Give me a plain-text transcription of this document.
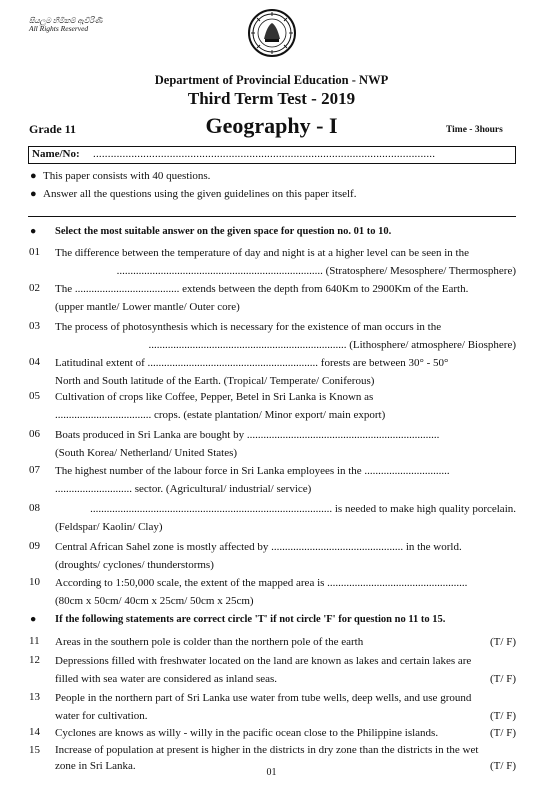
සියලුම හිමිකම් ඇවිරිණි
All Rights Reserved
Department of Provincial Education - NWP
Third Term Test - 2019
Grade 11	Geography - I	Time - 3hours
Name/No: ....................................................................................................................
● This paper consists with 40 questions.
● Answer all the questions using the given guidelines on this paper itself.
● Select the most suitable answer on the given space for question no. 01 to 10.
01 The difference between the temperature of day and night is at a higher level can be seen in the

........................................................................... (Stratosphere/ Mesosphere/ Thermosphere)

02 The ...................................... extends between the depth from 640Km to 2900Km of the Earth.

(upper mantle/ Lower mantle/ Outer core)

03 The process of photosynthesis which is necessary for the existence of man occurs in the

........................................................................ (Lithosphere/ atmosphere/ Biosphere)

04 Latitudinal extent of .............................................................. forests are between 30° - 50°

North and South latitude of the Earth. (Tropical/ Temperate/ Coniferous)

05 Cultivation of crops like Coffee, Pepper, Betel in Sri Lanka is Known as

................................... crops. (estate plantation/ Minor export/ main export)

06 Boats produced in Sri Lanka are bought by ......................................................................

(South Korea/ Netherland/ United States)

07 The highest number of the labour force in Sri Lanka employees in the ...............................

............................ sector. (Agricultural/ industrial/ service)

08	........................................................................................ is needed to make high quality porcelain.

(Feldspar/ Kaolin/ Clay)

09 Central African Sahel zone is mostly affected by ................................................ in the world.

(droughts/ cyclones/ thunderstorms)

10 According to 1:50,000 scale, the extent of the mapped area is ...................................................

(80cm x 50cm/ 40cm x 25cm/ 50cm x 25cm)

● If the following statements are correct circle 'T' if not circle 'F' for question no 11 to 15.
11 Areas in the southern pole is colder than the northern pole of the earth	(T/ F)

12 Depressions filled with freshwater located on the land are known as lakes and certain lakes are

filled with sea water are considered as inland seas.	(T/ F)

13 People in the northern part of Sri Lanka use water from tube wells, deep wells, and use ground

water for cultivation.	(T/ F)

14 Cyclones are knows as willy - willy in the pacific ocean close to the Philippine islands.	(T/ F)

15 Increase of population at present is higher in the districts in dry zone than the districts in the wet

zone in Sri Lanka.	(T/ F)

01
